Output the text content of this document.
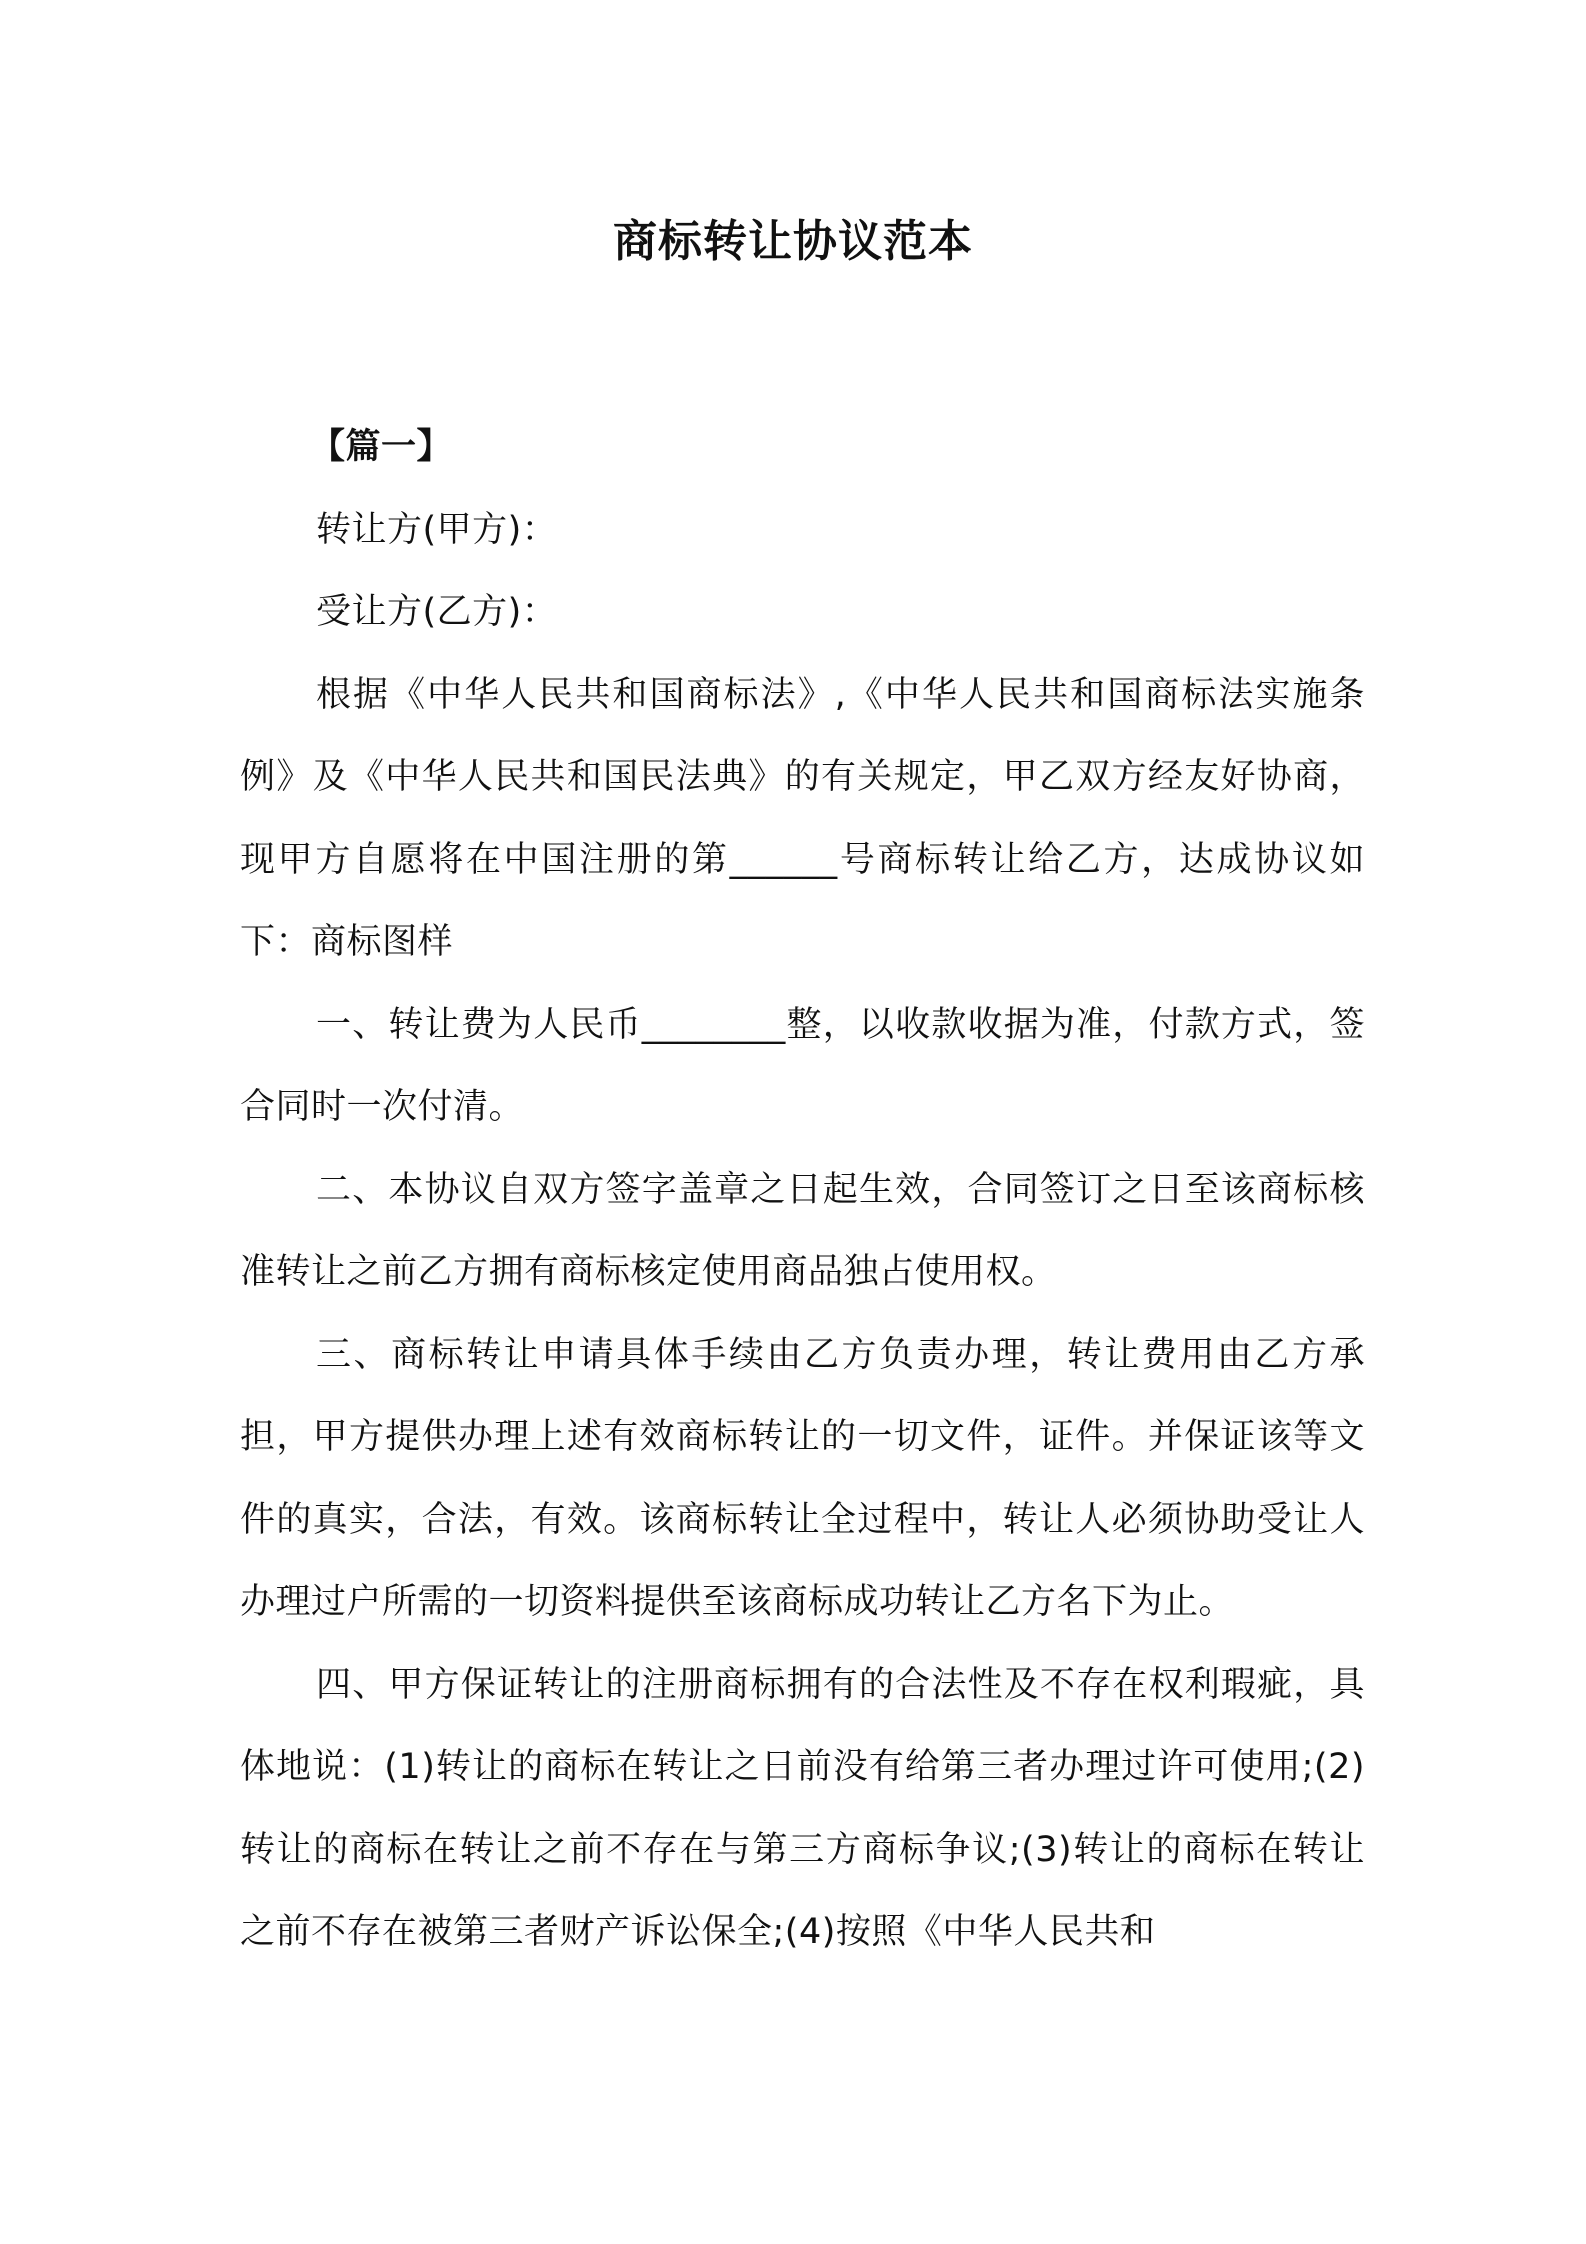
商标转让协议范本

【篇一】

转让方(甲方)：

受让方(乙方)：

根据《中华人民共和国商标法》,《中华人民共和国商标法实施条例》及《中华人民共和国民法典》的有关规定，甲乙双方经友好协商，现甲方自愿将在中国注册的第______号商标转让给乙方，达成协议如下：商标图样

一、转让费为人民币________整，以收款收据为准，付款方式，签合同时一次付清。

二、本协议自双方签字盖章之日起生效，合同签订之日至该商标核准转让之前乙方拥有商标核定使用商品独占使用权。

三、商标转让申请具体手续由乙方负责办理，转让费用由乙方承担，甲方提供办理上述有效商标转让的一切文件，证件。并保证该等文件的真实，合法，有效。该商标转让全过程中，转让人必须协助受让人办理过户所需的一切资料提供至该商标成功转让乙方名下为止。

四、甲方保证转让的注册商标拥有的合法性及不存在权利瑕疵，具体地说：(1)转让的商标在转让之日前没有给第三者办理过许可使用;(2)转让的商标在转让之前不存在与第三方商标争议;(3)转让的商标在转让之前不存在被第三者财产诉讼保全;(4)按照《中华人民共和
